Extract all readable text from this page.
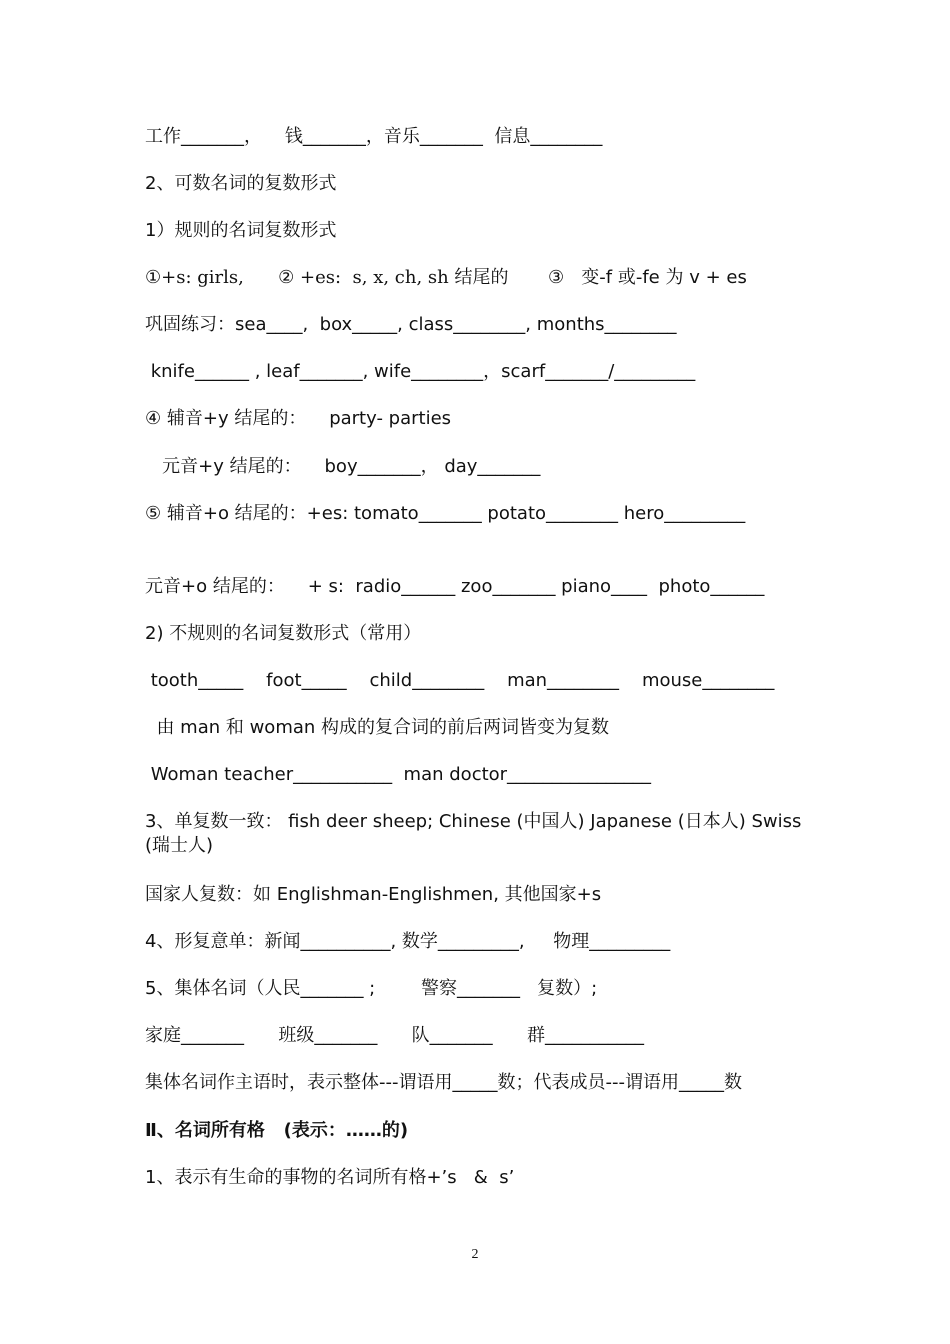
工作_______，    钱_______，音乐_______  信息________
2、可数名词的复数形式
1）规则的名词复数形式
①+s: girls,      ② +es:  s, x, ch, sh 结尾的 ③   变-f 或-fe 为 v + es
巩固练习：sea____,  box_____, class________, months________
knife______ , leaf_______, wife________，scarf_______/_________
④ 辅音+y 结尾的：    party- parties
元音+y 结尾的：    boy_______， day_______
⑤ 辅音+o 结尾的：+es: tomato_______ potato________ hero_________
元音+o 结尾的：    + s:  radio______ zoo_______ piano____  photo______
2) 不规则的名词复数形式（常用）
tooth_____    foot_____    child________    man________    mouse________
由 man 和 woman 构成的复合词的前后两词皆变为复数
Woman teacher___________  man doctor________________
3、单复数一致： fish deer sheep; Chinese (中国人) Japanese (日本人) Swiss (瑞士人)
国家人复数：如 Englishman-Englishmen, 其他国家+s
4、形复意单：新闻__________, 数学_________,     物理_________
5、集体名词（人民_______ ;        警察_______   复数）;
家庭_______      班级_______      队_______      群___________
集体名词作主语时，表示整体---谓语用_____数；代表成员---谓语用_____数
Ⅱ、名词所有格   (表示：……的)
1、表示有生命的事物的名词所有格+’s   &  s’
2
